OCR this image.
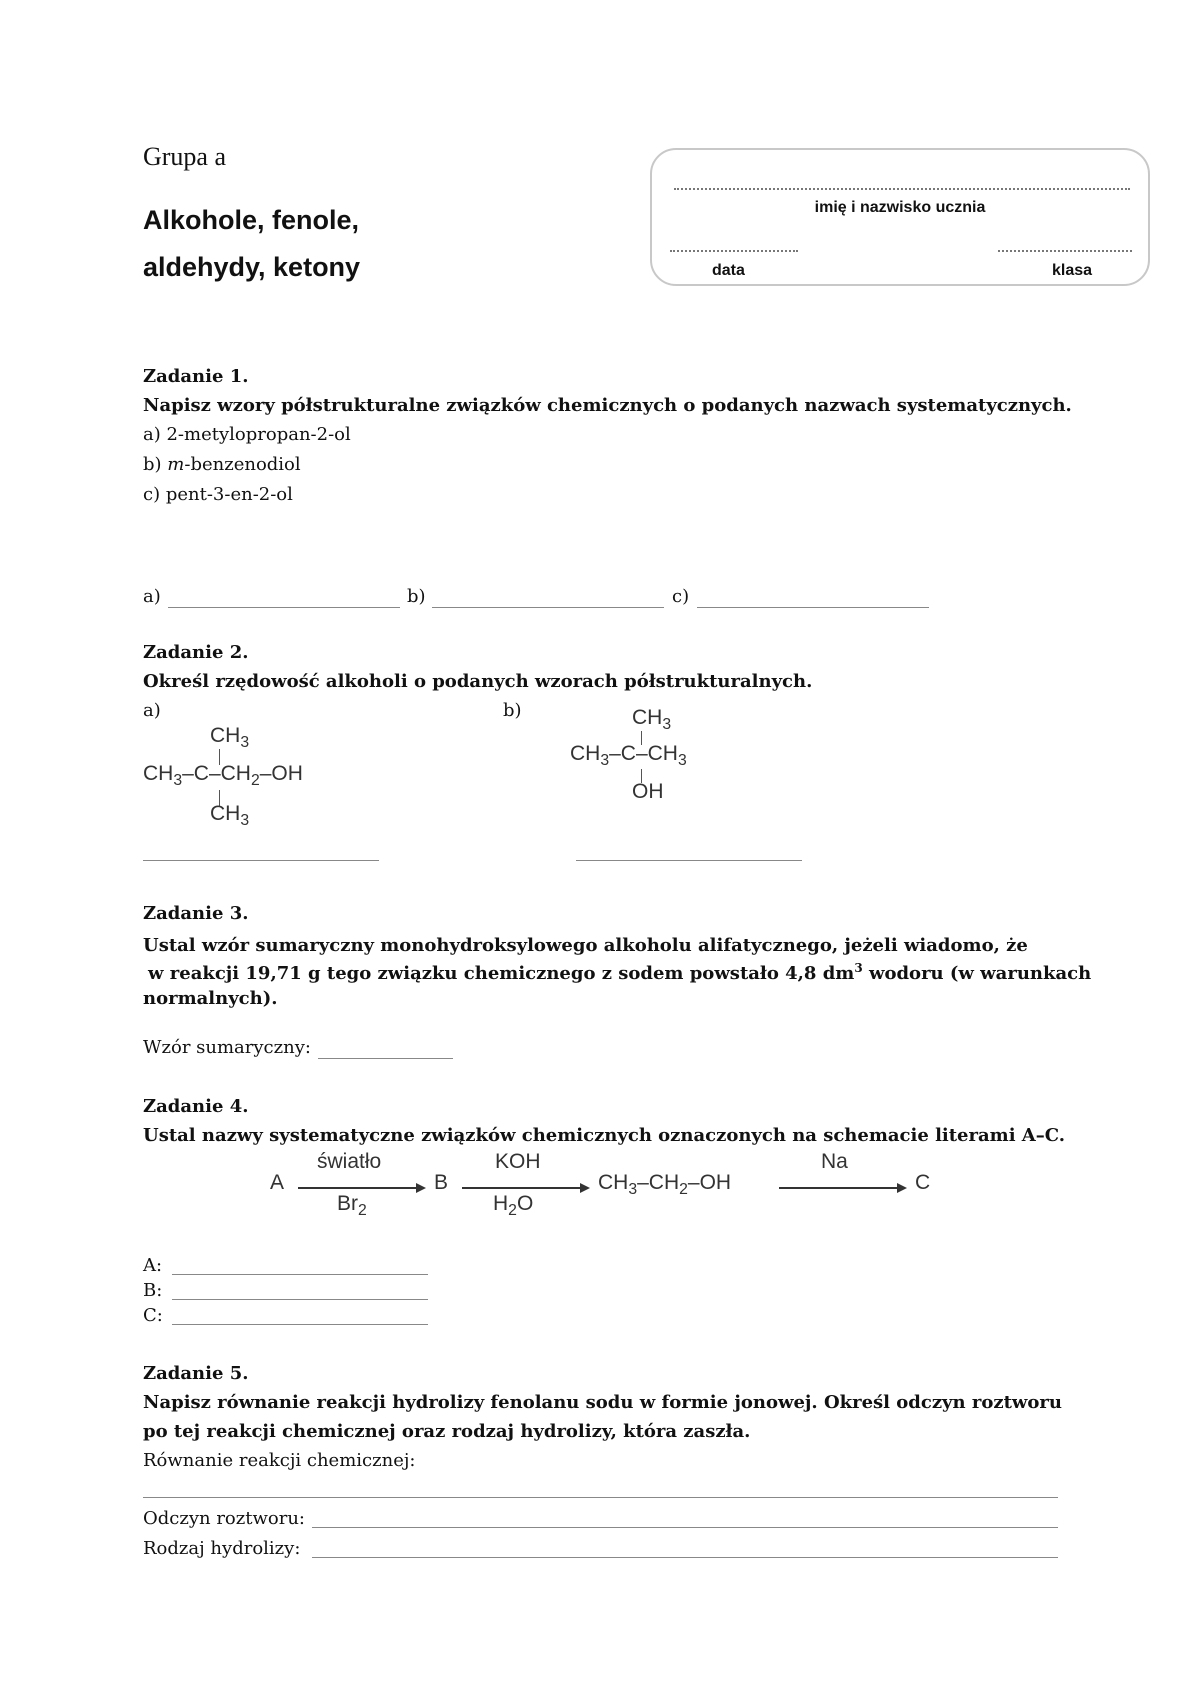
Grupa a
Alkohole, fenole,
aldehydy, ketony
imię i nazwisko ucznia
data	klasa
Zadanie 1.
Napisz wzory półstrukturalne związków chemicznych o podanych nazwach systematycznych.
a) 2-metylopropan-2-ol
b) m-benzenodiol
c) pent-3-en-2-ol
a)	b)	c)
Zadanie 2.
Określ rzędowość alkoholi o podanych wzorach półstrukturalnych.
a)	b)
$CH_3$
$CH_3-C-CH_2-OH$
$CH_3$
$CH_3$
$CH_3-C-CH_3$
OH
Zadanie 3.
Ustal wzór sumaryczny monohydroksylowego alkoholu alifatycznego, jeżeli wiadomo, że
w reakcji 19,71 g tego związku chemicznego z sodem powstało 4,8 $dm^3$ wodoru (w warunkach
normalnych).
Wzór sumaryczny:
Zadanie 4.
Ustal nazwy systematyczne związków chemicznych oznaczonych na schemacie literami A–C.
A
światło
$Br_2$
B
KOH
$H_2O$
$CH_3-CH_2-OH$
Na
C
A:
B:
C:
Zadanie 5.
Napisz równanie reakcji hydrolizy fenolanu sodu w formie jonowej. Określ odczyn roztworu
po tej reakcji chemicznej oraz rodzaj hydrolizy, która zaszła.
Równanie reakcji chemicznej:
Odczyn roztworu:
Rodzaj hydrolizy:
